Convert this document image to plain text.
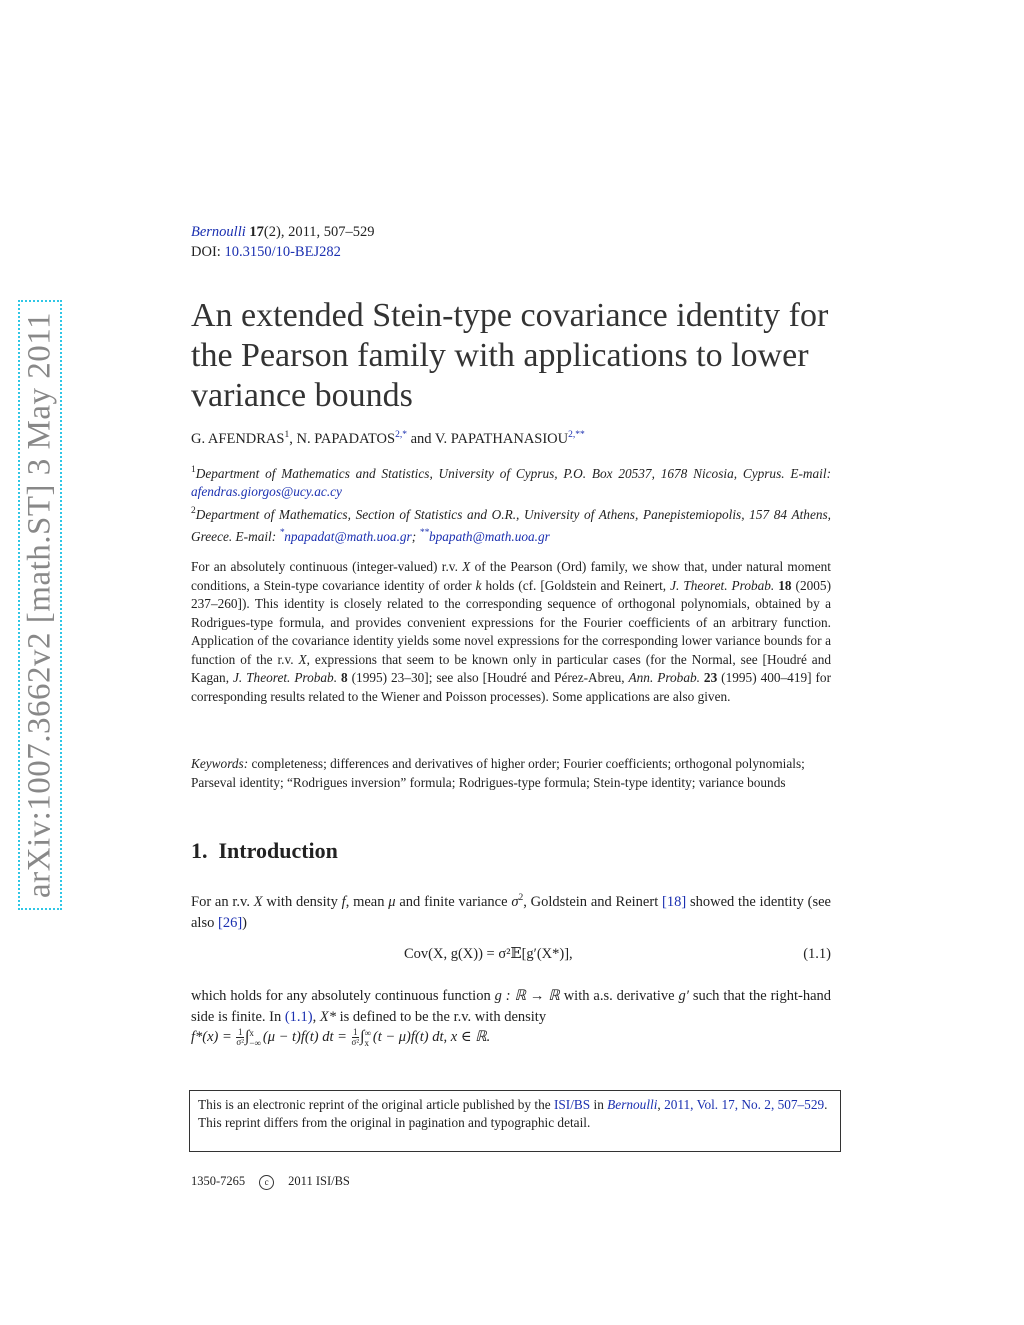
arXiv:1007.3662v2 [math.ST] 3 May 2011
Bernoulli 17(2), 2011, 507–529
DOI: 10.3150/10-BEJ282
An extended Stein-type covariance identity for the Pearson family with applications to lower variance bounds
G. AFENDRAS$^1$, N. $PAPADATOS^{2,*}$ and V. $PAPATHANASIOU^{2,**}$
$^1$Department of Mathematics and Statistics, University of Cyprus, P.O. Box 20537, 1678 Nicosia, Cyprus. E-mail: afendras.giorgos@ucy.ac.cy
$^2$Department of Mathematics, Section of Statistics and O.R., University of Athens, Panepistemiopolis, 157 84 Athens, Greece. E-mail: *npapadat@math.uoa.gr; **bpapath@math.uoa.gr

For an absolutely continuous (integer-valued) r.v. X of the Pearson (Ord) family, we show that, under natural moment conditions, a Stein-type covariance identity of order k holds (cf. [Goldstein and Reinert, J. Theoret. Probab. 18 (2005) 237–260]). This identity is closely related to the corresponding sequence of orthogonal polynomials, obtained by a Rodrigues-type formula, and provides convenient expressions for the Fourier coefficients of an arbitrary function. Application of the covariance identity yields some novel expressions for the corresponding lower variance bounds for a function of the r.v. X, expressions that seem to be known only in particular cases (for the Normal, see [Houdré and Kagan, J. Theoret. Probab. 8 (1995) 23–30]; see also [Houdré and Pérez-Abreu, Ann. Probab. 23 (1995) 400–419] for corresponding results related to the Wiener and Poisson processes). Some applications are also given.

Keywords: completeness; differences and derivatives of higher order; Fourier coefficients; orthogonal polynomials; Parseval identity; “Rodrigues inversion” formula; Rodrigues-type formula; Stein-type identity; variance bounds

1. Introduction

For an r.v. X with density f, mean μ and finite variance $\sigma^2$, Goldstein and Reinert [18] showed the identity (see also [26])

Cov(X, g(X)) = σ²𝔼[g′(X*)],	(1.1)

which holds for any absolutely continuous function g : ℝ → ℝ with a.s. derivative g′ such that the right-hand side is finite. In (1.1), X* is defined to be the r.v. with density
$f*(x) = \frac{1}{\text{σ²}}$ ∫ x
−∞ (μ − t)f(t) dt = $\frac{1}{\text{σ²}}$ ∫ ∞
x (t − μ)f(t) dt, x ∈ ℝ.

This is an electronic reprint of the original article published by the ISI/BS in Bernoulli, 2011, Vol. 17, No. 2, 507–529. This reprint differs from the original in pagination and typographic detail.
1350-7265 c 2011 ISI/BS
